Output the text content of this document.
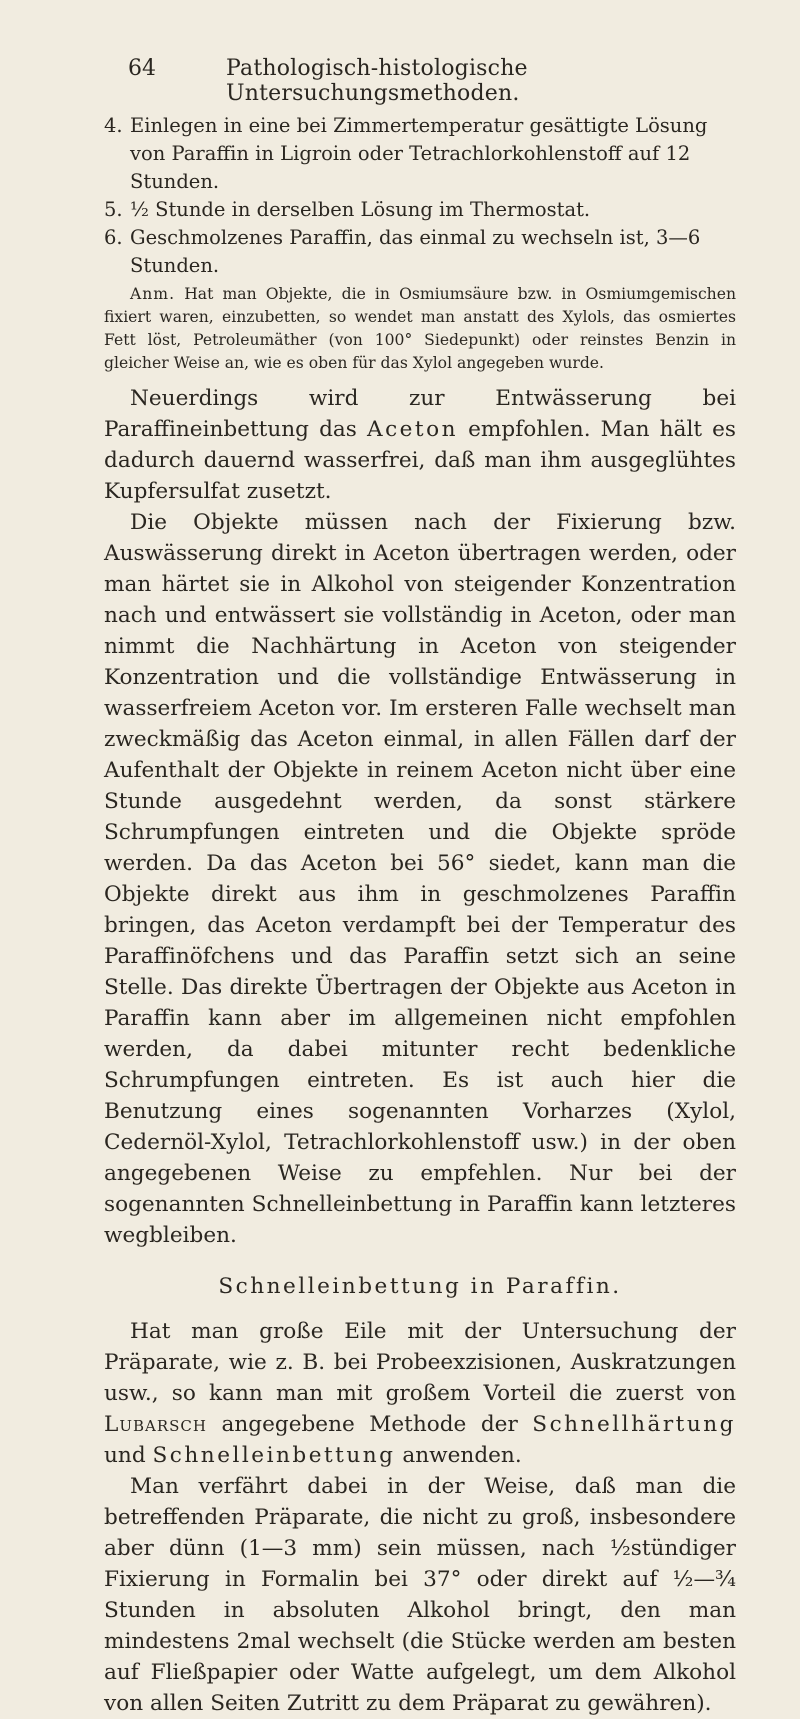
64	Pathologisch-histologische Untersuchungsmethoden.

4. Einlegen in eine bei Zimmertemperatur gesättigte Lösung von Paraffin in Ligroin oder Tetrachlorkohlenstoff auf 12 Stunden.

5. ½ Stunde in derselben Lösung im Thermostat.

6. Geschmolzenes Paraffin, das einmal zu wechseln ist, 3—6 Stunden.

Anm. Hat man Objekte, die in Osmiumsäure bzw. in Osmiumgemischen fixiert waren, einzubetten, so wendet man anstatt des Xylols, das osmiertes Fett löst, Petroleumäther (von 100° Siedepunkt) oder reinstes Benzin in gleicher Weise an, wie es oben für das Xylol angegeben wurde.

Neuerdings wird zur Entwässerung bei Paraffineinbettung das Aceton empfohlen. Man hält es dadurch dauernd wasserfrei, daß man ihm ausgeglühtes Kupfersulfat zusetzt.

Die Objekte müssen nach der Fixierung bzw. Auswässerung direkt in Aceton übertragen werden, oder man härtet sie in Alkohol von steigender Konzentration nach und entwässert sie vollständig in Aceton, oder man nimmt die Nachhärtung in Aceton von steigender Konzentration und die vollständige Entwässerung in wasserfreiem Aceton vor. Im ersteren Falle wechselt man zweckmäßig das Aceton einmal, in allen Fällen darf der Aufenthalt der Objekte in reinem Aceton nicht über eine Stunde ausgedehnt werden, da sonst stärkere Schrumpfungen eintreten und die Objekte spröde werden. Da das Aceton bei 56° siedet, kann man die Objekte direkt aus ihm in geschmolzenes Paraffin bringen, das Aceton verdampft bei der Temperatur des Paraffinöfchens und das Paraffin setzt sich an seine Stelle. Das direkte Übertragen der Objekte aus Aceton in Paraffin kann aber im allgemeinen nicht empfohlen werden, da dabei mitunter recht bedenkliche Schrumpfungen eintreten. Es ist auch hier die Benutzung eines sogenannten Vorharzes (Xylol, Cedernöl-Xylol, Tetrachlorkohlenstoff usw.) in der oben angegebenen Weise zu empfehlen. Nur bei der sogenannten Schnelleinbettung in Paraffin kann letzteres wegbleiben.

Schnelleinbettung in Paraffin.

Hat man große Eile mit der Untersuchung der Präparate, wie z. B. bei Probeexzisionen, Auskratzungen usw., so kann man mit großem Vorteil die zuerst von Lubarsch angegebene Methode der Schnellhärtung und Schnelleinbettung anwenden.

Man verfährt dabei in der Weise, daß man die betreffenden Präparate, die nicht zu groß, insbesondere aber dünn (1—3 mm) sein müssen, nach ½stündiger Fixierung in Formalin bei 37° oder direkt auf ½—¾ Stunden in absoluten Alkohol bringt, den man mindestens 2mal wechselt (die Stücke werden am besten auf Fließpapier oder Watte aufgelegt, um dem Alkohol von allen Seiten Zutritt zu dem Präparat zu gewähren).
